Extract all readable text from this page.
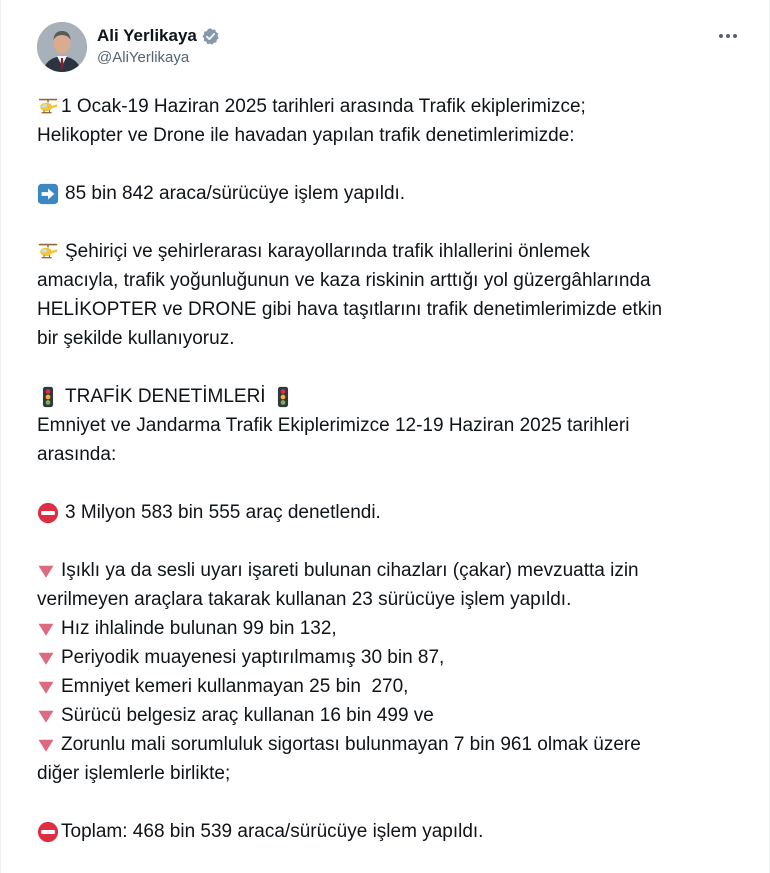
Ali Yerlikaya
@AliYerlikaya
1 Ocak-19 Haziran 2025 tarihleri arasında Trafik ekiplerimizce;
Helikopter ve Drone ile havadan yapılan trafik denetimlerimizde:
85 bin 842 araca/sürücüye işlem yapıldı.
Şehiriçi ve şehirlerarası karayollarında trafik ihlallerini önlemek
amacıyla, trafik yoğunluğunun ve kaza riskinin arttığı yol güzergâhlarında
HELİKOPTER ve DRONE gibi hava taşıtlarını trafik denetimlerimizde etkin
bir şekilde kullanıyoruz.
TRAFİK DENETİMLERİ
Emniyet ve Jandarma Trafik Ekiplerimizce 12-19 Haziran 2025 tarihleri
arasında:
3 Milyon 583 bin 555 araç denetlendi.
Işıklı ya da sesli uyarı işareti bulunan cihazları (çakar) mevzuatta izin
verilmeyen araçlara takarak kullanan 23 sürücüye işlem yapıldı.
Hız ihlalinde bulunan 99 bin 132,
Periyodik muayenesi yaptırılmamış 30 bin 87,
Emniyet kemeri kullanmayan 25 bin  270,
Sürücü belgesiz araç kullanan 16 bin 499 ve
Zorunlu mali sorumluluk sigortası bulunmayan 7 bin 961 olmak üzere
diğer işlemlerle birlikte;
Toplam: 468 bin 539 araca/sürücüye işlem yapıldı.
